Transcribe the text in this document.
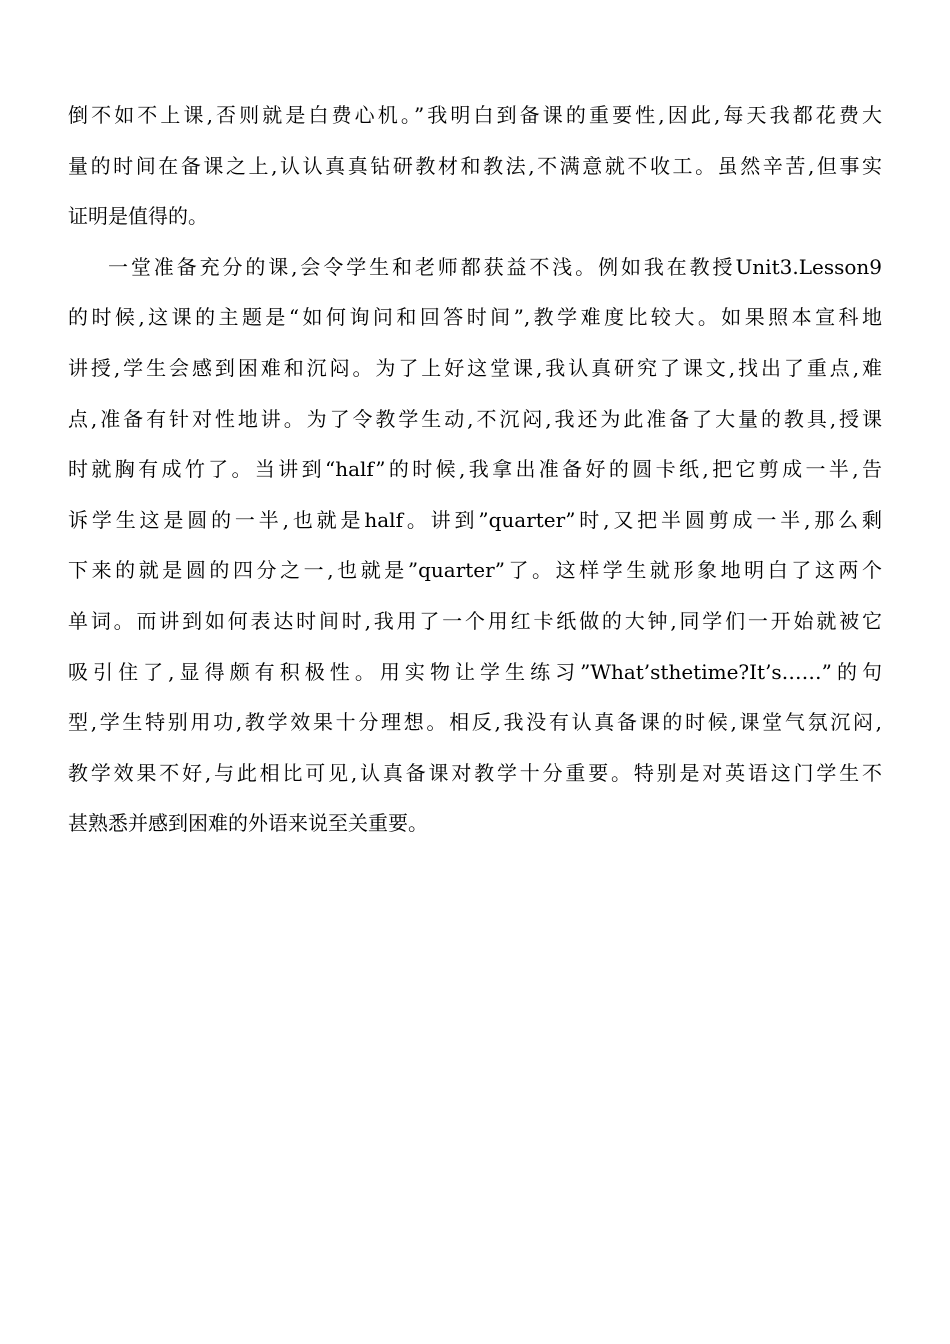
倒不如不上课,否则就是白费心机。”我明白到备课的重要性,因此,每天我都花费大
量的时间在备课之上,认认真真钻研教材和教法,不满意就不收工。虽然辛苦,但事实
证明是值得的。
一堂准备充分的课,会令学生和老师都获益不浅。例如我在教授Unit3.Lesson9
的时候,这课的主题是“如何询问和回答时间”,教学难度比较大。如果照本宣科地
讲授,学生会感到困难和沉闷。为了上好这堂课,我认真研究了课文,找出了重点,难
点,准备有针对性地讲。为了令教学生动,不沉闷,我还为此准备了大量的教具,授课
时就胸有成竹了。当讲到“half”的时候,我拿出准备好的圆卡纸,把它剪成一半,告
诉学生这是圆的一半,也就是half。讲到”quarter”时,又把半圆剪成一半,那么剩
下来的就是圆的四分之一,也就是”quarter”了。这样学生就形象地明白了这两个
单词。而讲到如何表达时间时,我用了一个用红卡纸做的大钟,同学们一开始就被它
吸引住了,显得颇有积极性。用实物让学生练习”What’sthetime?It’s……”的句
型,学生特别用功,教学效果十分理想。相反,我没有认真备课的时候,课堂气氛沉闷,
教学效果不好,与此相比可见,认真备课对教学十分重要。特别是对英语这门学生不
甚熟悉并感到困难的外语来说至关重要。
